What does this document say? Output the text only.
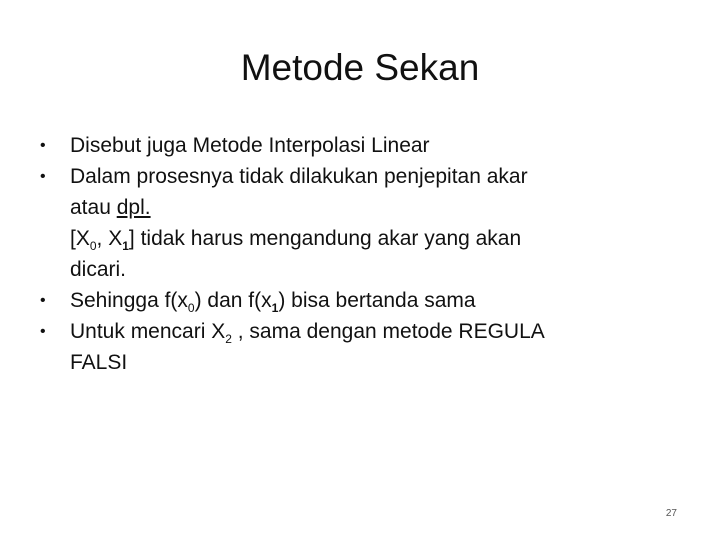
Metode Sekan
•	Disebut juga Metode Interpolasi Linear
•	Dalam prosesnya tidak dilakukan penjepitan akar
atau dpl.
[$X_0$, $X_1$] tidak harus mengandung akar yang akan
dicari.
•	Sehingga $f(x_0)$ dan $f(x_1)$ bisa bertanda sama
•	Untuk mencari $X_2$ , sama dengan metode REGULA
FALSI
27
